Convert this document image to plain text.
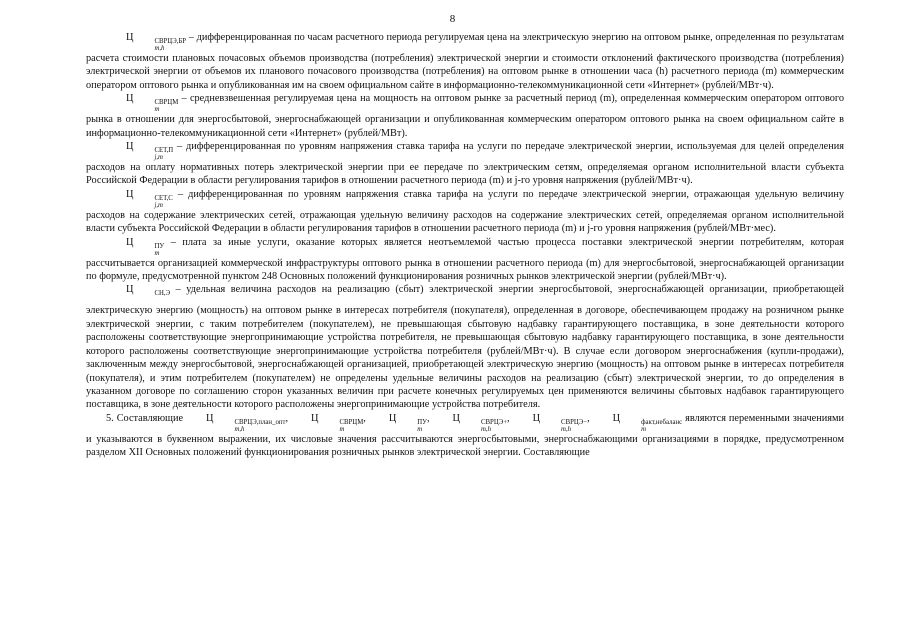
8

Ц	СВРЦЭ,БР
m,h
– дифференцированная по часам расчетного периода регулируемая цена на электрическую энергию на оптовом рынке, определенная по результатам расчета стоимости плановых почасовых объемов производства (потребления) электрической энергии и стоимости отклонений фактического производства (потребления) электрической энергии от объемов их планового почасового производства (потребления) на оптовом рынке в отношении часа (h) расчетного периода (m) коммерческим оператором оптового рынка и опубликованная им на своем официальном сайте в информационно-телекоммуникационной сети «Интернет» (рублей/МВт·ч).

Ц	СВРЦМ
m
– средневзвешенная регулируемая цена на мощность на оптовом рынке за расчетный период (m), определенная коммерческим оператором оптового рынка в отношении для энергосбытовой, энергоснабжающей организации и опубликованная коммерческим оператором оптового рынка на своем официальном сайте в информационно-телекоммуникационной сети «Интернет» (рублей/МВт).

Ц	СЕТ,П
j,m
– дифференцированная по уровням напряжения ставка тарифа на услуги по передаче электрической энергии, используемая для целей определения расходов на оплату нормативных потерь электрической энергии при ее передаче по электрическим сетям, определяемая органом исполнительной власти субъекта Российской Федерации в области регулирования тарифов в отношении расчетного периода (m) и j-го уровня напряжения (рублей/МВт·ч).

Ц	СЕТ,С
j,m
– дифференцированная по уровням напряжения ставка тарифа на услуги по передаче электрической энергии, отражающая удельную величину расходов на содержание электрических сетей, отражающая удельную величину расходов на содержание электрических сетей, определяемая органом исполнительной власти субъекта Российской Федерации в области регулирования тарифов в отношении расчетного периода (m) и j-го уровня напряжения (рублей/МВт·мес).

Ц	ПУ
m
– плата за иные услуги, оказание которых является неотъемлемой частью процесса поставки электрической энергии потребителям, которая рассчитывается организацией коммерческой инфраструктуры оптового рынка в отношении расчетного периода (m) для энергосбытовой, энергоснабжающей организации по формуле, предусмотренной пунктом 248 Основных положений функционирования розничных рынков электрической энергии (рублей/МВт·ч).

Ц	СН,Э
– удельная величина расходов на реализацию (сбыт) электрической энергии энергосбытовой, энергоснабжающей организации, приобретающей электрическую энергию (мощность) на оптовом рынке в интересах потребителя (покупателя), определенная в договоре, обеспечивающем продажу на розничном рынке электрической энергии, с таким потребителем (покупателем), не превышающая сбытовую надбавку гарантирующего поставщика, в зоне деятельности которого расположены соответствующие энергопринимающие устройства потребителя, не превышающая сбытовую надбавку гарантирующего поставщика, в зоне деятельности которого расположены соответствующие энергопринимающие устройства потребителя (рублей/МВт·ч). В случае если договором энергоснабжения (купли-продажи), заключенным между энергосбытовой, энергоснабжающей организацией, приобретающей электрическую энергию (мощность) на оптовом рынке в интересах потребителя (покупателя), и этим потребителем (покупателем) не определены удельные величины расходов на реализацию (сбыт) электрической энергии, то до определения в указанном договоре по соглашению сторон указанных величин при расчете конечных регулируемых цен применяются величины сбытовых надбавок гарантирующего поставщика, в зоне деятельности которого расположены энергопринимающие устройства потребителя.

5. Составляющие Ц	СВРЦЭ,план_опт
m,h
, Ц	СВРЦМ
m
, Ц	ПУ
m
, Ц	СВРЦЭ+
m,h
, Ц	СВРЦЭ−
m,h
, Ц	факт,небаланс
m
являются переменными значениями и указываются в буквенном выражении, их числовые значения рассчитываются энергосбытовыми, энергоснабжающими организациями в порядке, предусмотренном разделом XII Основных положений функционирования розничных рынков электрической энергии. Составляющие
